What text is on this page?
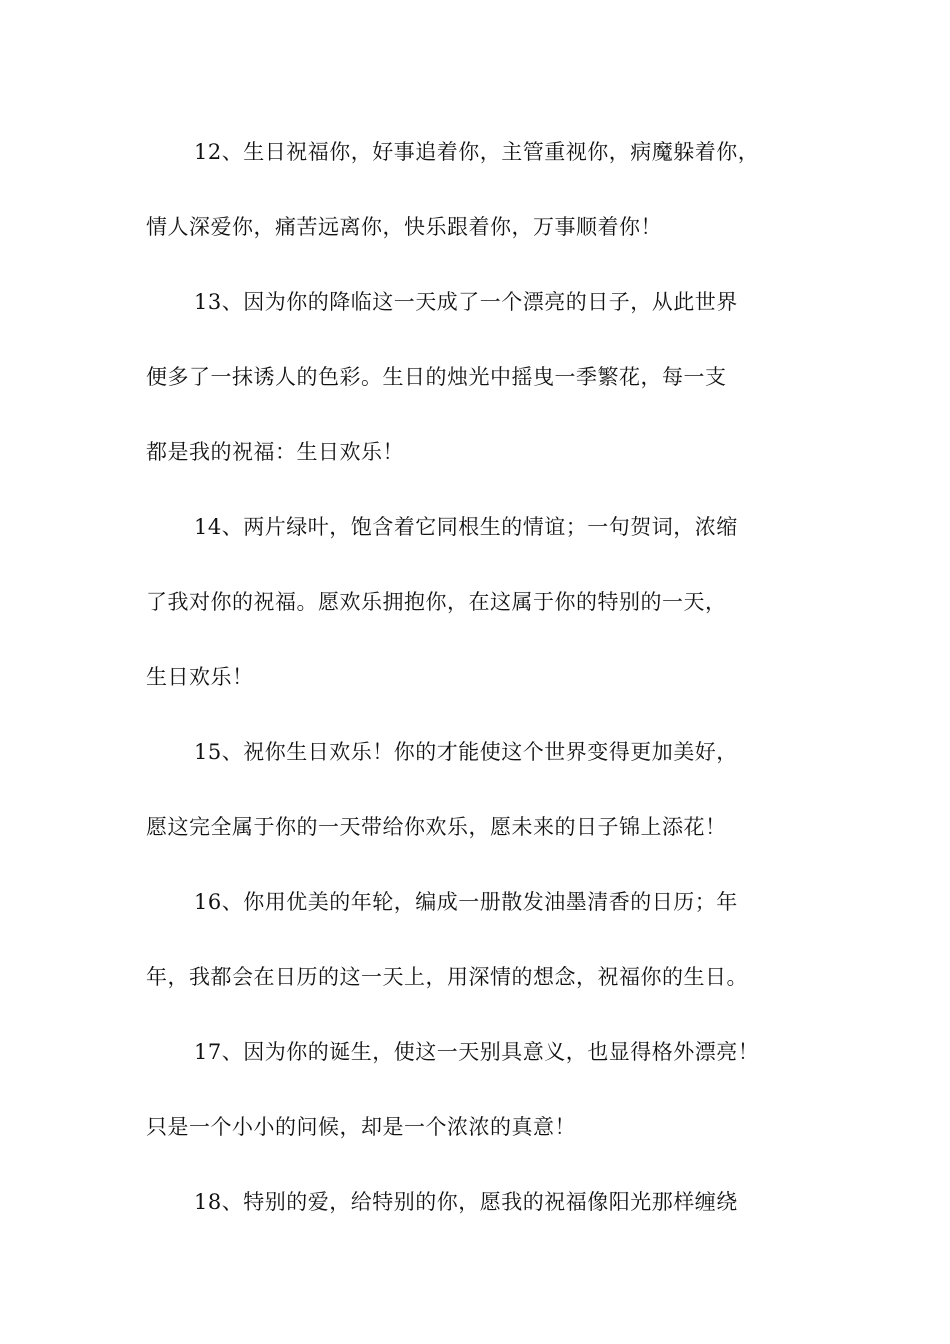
12、生日祝福你，好事追着你，主管重视你，病魔躲着你，
情人深爱你，痛苦远离你，快乐跟着你，万事顺着你！
13、因为你的降临这一天成了一个漂亮的日子，从此世界
便多了一抹诱人的色彩。生日的烛光中摇曳一季繁花，每一支
都是我的祝福：生日欢乐！
14、两片绿叶，饱含着它同根生的情谊；一句贺词，浓缩
了我对你的祝福。愿欢乐拥抱你，在这属于你的特别的一天，
生日欢乐！
15、祝你生日欢乐！你的才能使这个世界变得更加美好，
愿这完全属于你的一天带给你欢乐，愿未来的日子锦上添花！
16、你用优美的年轮，编成一册散发油墨清香的日历；年
年，我都会在日历的这一天上，用深情的想念，祝福你的生日。
17、因为你的诞生，使这一天别具意义，也显得格外漂亮！
只是一个小小的问候，却是一个浓浓的真意！
18、特别的爱，给特别的你，愿我的祝福像阳光那样缠绕
